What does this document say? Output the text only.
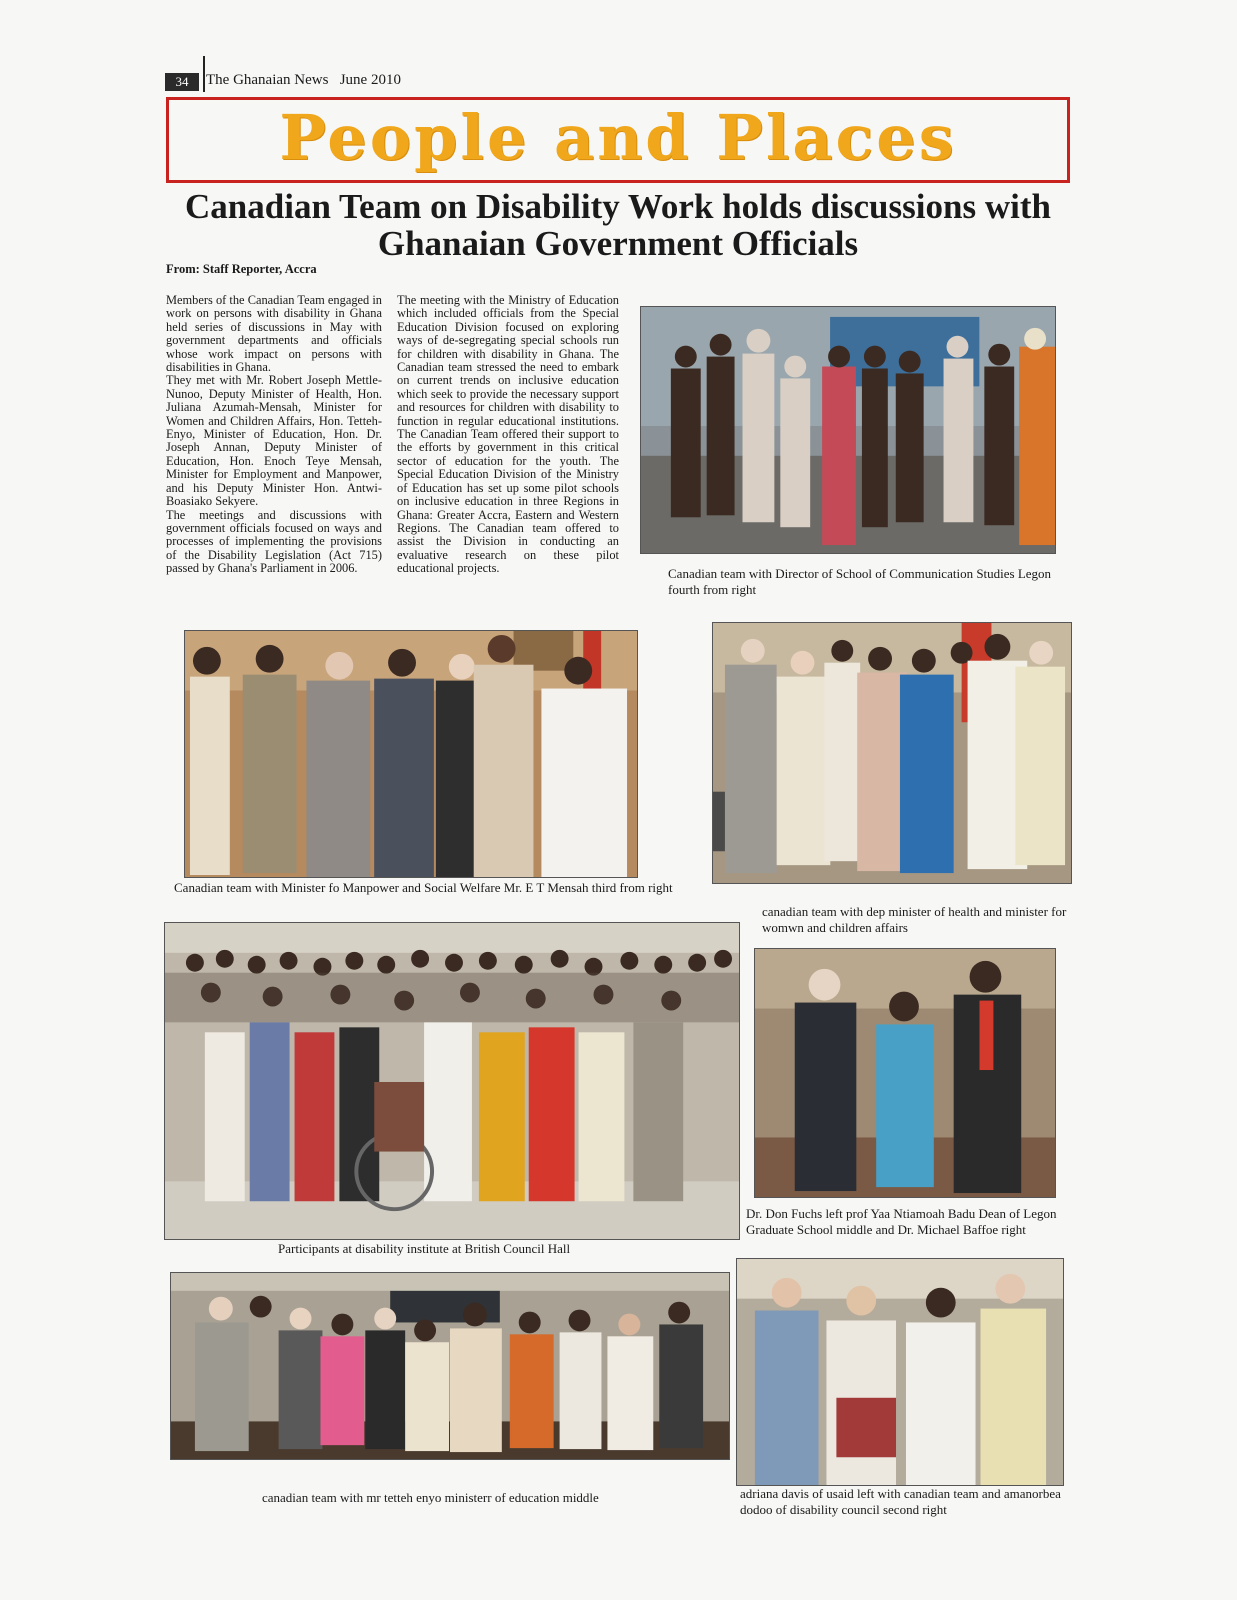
34	The Ghanaian News June 2010
People and Places
Canadian Team on Disability Work holds discussions with Ghanaian Government Officials
From: Staff Reporter, Accra

Members of the Canadian Team engaged in work on persons with disability in Ghana held series of discussions in May with government departments and officials whose work impact on persons with disabilities in Ghana.

They met with Mr. Robert Joseph Mettle-Nunoo, Deputy Minister of Health, Hon. Juliana Azumah-Mensah, Minister for Women and Children Affairs, Hon. Tetteh-Enyo, Minister of Education, Hon. Dr. Joseph Annan, Deputy Minister of Education, Hon. Enoch Teye Mensah, Minister for Employment and Manpower, and his Deputy Minister Hon. Antwi-Boasiako Sekyere.

The meetings and discussions with government officials focused on ways and processes of implementing the provisions of the Disability Legislation (Act 715) passed by Ghana's Parliament in 2006.

The meeting with the Ministry of Education which included officials from the Special Education Division focused on exploring ways of de-segregating special schools run for children with disability in Ghana. The Canadian team stressed the need to embark on current trends on inclusive education which seek to provide the necessary support and resources for children with disability to function in regular educational institutions. The Canadian Team offered their support to the efforts by government in this critical sector of education for the youth. The Special Education Division of the Ministry of Education has set up some pilot schools on inclusive education in three Regions in Ghana: Greater Accra, Eastern and Western Regions. The Canadian team offered to assist the Division in conducting an evaluative research on these pilot educational projects.	Canadian team with Director of School of Communication Studies Legon fourth from right
Canadian team with Minister fo Manpower and Social Welfare Mr. E T Mensah third from right
canadian team with dep minister of health and minister for womwn and children affairs
Participants at disability institute at British Council Hall
Dr. Don Fuchs left prof Yaa Ntiamoah Badu Dean of Legon Graduate School middle and Dr. Michael Baffoe right
canadian team with mr tetteh enyo ministerr of education middle	adriana davis of usaid left with canadian team and amanorbea dodoo of disability council second right
